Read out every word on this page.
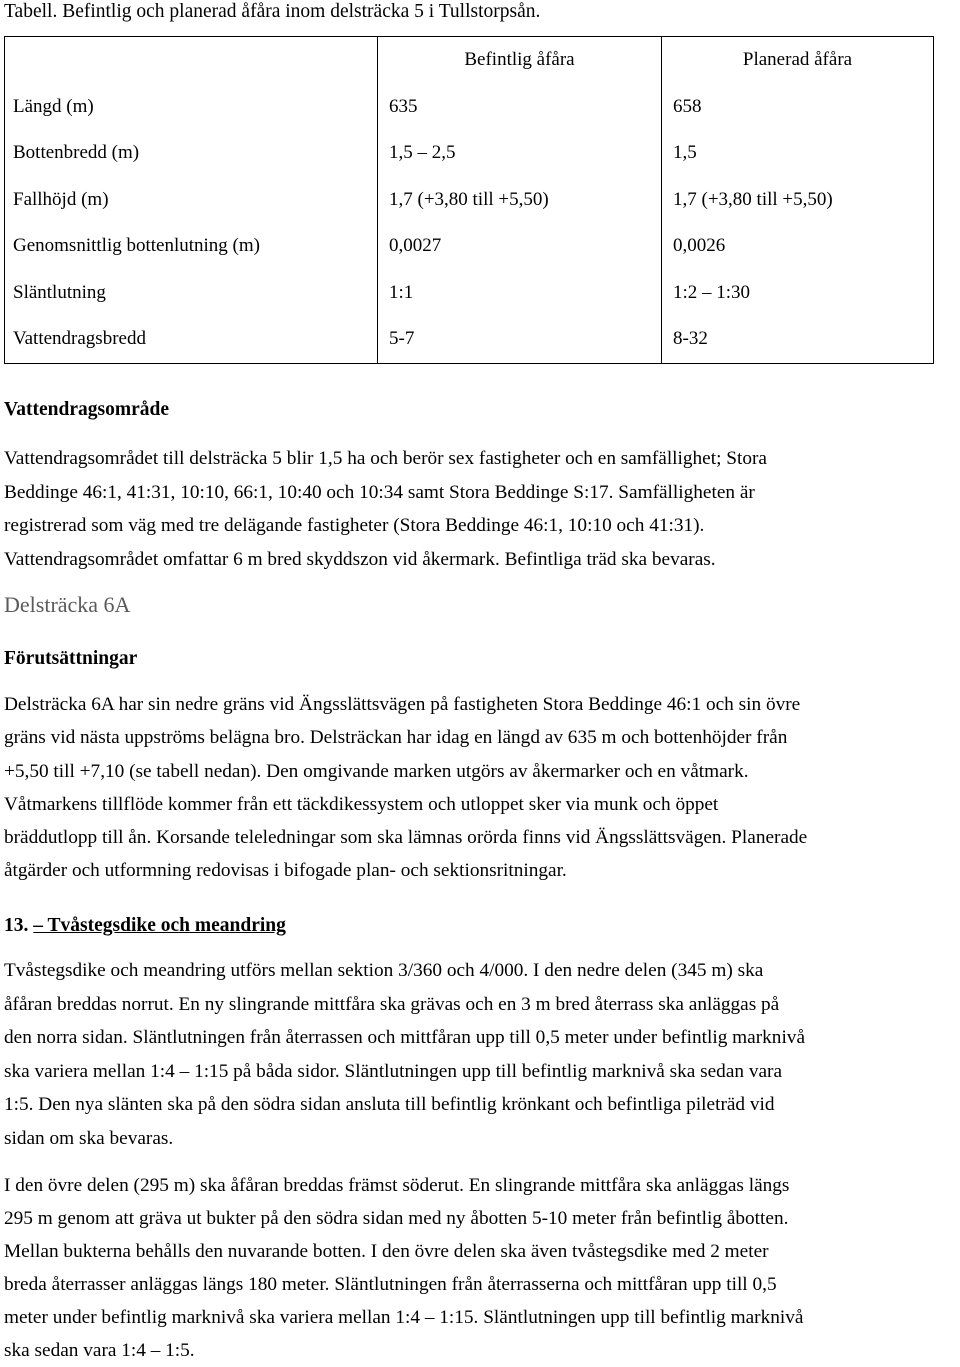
Tabell. Befintlig och planerad åfåra inom delsträcka 5 i Tullstorpsån.
	Befintlig åfåra	Planerad åfåra
Längd (m)	635	658
Bottenbredd (m)	1,5 – 2,5	1,5
Fallhöjd (m)	1,7 (+3,80 till +5,50)	1,7 (+3,80 till +5,50)
Genomsnittlig bottenlutning (m)	0,0027	0,0026
Släntlutning	1:1	1:2 – 1:30
Vattendragsbredd	5-7	8-32
Vattendragsområde
Vattendragsområdet till delsträcka 5 blir 1,5 ha och berör sex fastigheter och en samfällighet; Stora
Beddinge 46:1, 41:31, 10:10, 66:1, 10:40 och 10:34 samt Stora Beddinge S:17. Samfälligheten är
registrerad som väg med tre delägande fastigheter (Stora Beddinge 46:1, 10:10 och 41:31).
Vattendragsområdet omfattar 6 m bred skyddszon vid åkermark. Befintliga träd ska bevaras.
Delsträcka 6A
Förutsättningar
Delsträcka 6A har sin nedre gräns vid Ängsslättsvägen på fastigheten Stora Beddinge 46:1 och sin övre
gräns vid nästa uppströms belägna bro. Delsträckan har idag en längd av 635 m och bottenhöjder från
+5,50 till +7,10 (se tabell nedan). Den omgivande marken utgörs av åkermarker och en våtmark.
Våtmarkens tillflöde kommer från ett täckdikessystem och utloppet sker via munk och öppet
bräddutlopp till ån. Korsande teleledningar som ska lämnas orörda finns vid Ängsslättsvägen. Planerade
åtgärder och utformning redovisas i bifogade plan- och sektionsritningar.
13. – Tvåstegsdike och meandring
Tvåstegsdike och meandring utförs mellan sektion 3/360 och 4/000. I den nedre delen (345 m) ska
åfåran breddas norrut. En ny slingrande mittfåra ska grävas och en 3 m bred återrass ska anläggas på
den norra sidan. Släntlutningen från återrassen och mittfåran upp till 0,5 meter under befintlig marknivå
ska variera mellan 1:4 – 1:15 på båda sidor. Släntlutningen upp till befintlig marknivå ska sedan vara
1:5. Den nya slänten ska på den södra sidan ansluta till befintlig krönkant och befintliga pileträd vid
sidan om ska bevaras.
I den övre delen (295 m) ska åfåran breddas främst söderut. En slingrande mittfåra ska anläggas längs
295 m genom att gräva ut bukter på den södra sidan med ny åbotten 5-10 meter från befintlig åbotten.
Mellan bukterna behålls den nuvarande botten. I den övre delen ska även tvåstegsdike med 2 meter
breda återrasser anläggas längs 180 meter. Släntlutningen från återrasserna och mittfåran upp till 0,5
meter under befintlig marknivå ska variera mellan 1:4 – 1:15. Släntlutningen upp till befintlig marknivå
ska sedan vara 1:4 – 1:5.
